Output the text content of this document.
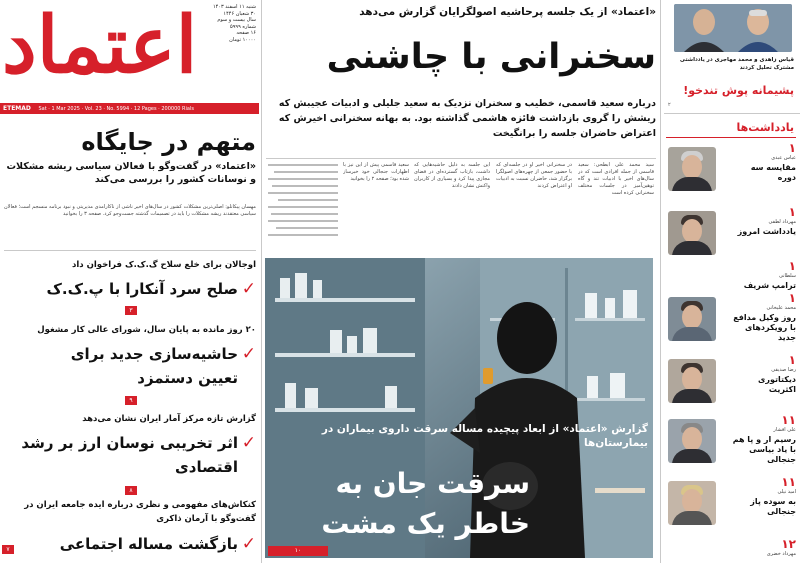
اعتماد	شنبه ۱۱ اسفند ۱۴۰۳
۳۰ شعبان ۱۴۴۶
سال بیست و سوم
شماره ۵۹۹۹
۱۶ صفحه
۱۰۰۰۰ تومان
ETEMAD Sat · 1 Mar 2025 · Vol. 23 · No. 5994 · 12 Pages · 200000 Rials
«اعتماد» از یک جلسه پرحاشیه اصولگرایان گزارش می‌دهد
سخنرانی با چاشنی
درباره سعید قاسمی، خطیب و سخنران نزدیک به سعید جلیلی و ادبیات عجیبش که ریشش را گروی بازداشت فائزه هاشمی گذاشته بود. به بهانه سخنرانی اخیرش که اعتراض حاضران جلسه را برانگیخت
سید محمد علی ابطحی: سعید قاسمی از جمله افرادی است که در سال‌های اخیر با ادبیات تند و گاه توهین‌آمیز در جلسات مختلف سخنرانی کرده است
در سخنرانی اخیر او در جلسه‌ای که با حضور جمعی از چهره‌های اصولگرا برگزار شد، حاضران نسبت به ادبیات او اعتراض کردند
این جلسه به دلیل حاشیه‌هایی که داشت، بازتاب گسترده‌ای در فضای مجازی پیدا کرد و بسیاری از کاربران واکنش نشان دادند
سعید قاسمی پیش از این نیز با اظهارات جنجالی خود خبرساز شده بود؛ صفحه ۲ را بخوانید
گزارش «اعتماد» از ابعاد پیچیده مساله سرقت داروی بیماران در بیمارستان‌ها
سرقت جان به خاطر یک مشت
۱۰
متهم در جایگاه
«اعتماد» در گفت‌وگو با فعالان سیاسی ریشه مشکلات و نوسانات کشور را بررسی می‌کند
مهسان پیکانلو: اصلی‌ترین مشکلات کشور در سال‌های اخیر ناشی از ناکارآمدی مدیریتی و نبود برنامه منسجم است؛ فعالان سیاسی معتقدند ریشه مشکلات را باید در تصمیمات گذشته جست‌وجو کرد. صفحه ۳ را بخوانید
اوجالان برای خلع سلاح گ.ک.ک فراخوان داد
✓
صلح سرد آنکارا با پ.ک.ک
۳
۲۰ روز مانده به پایان سال، شورای عالی کار مشغول
✓
حاشیه‌سازی جدید برای تعیین دستمزد
۹
گزارش تازه مرکز آمار ایران نشان می‌دهد
✓
اثر تخریبی نوسان ارز بر رشد اقتصادی
۸
کنکاش‌های مفهومی و نظری درباره ایده جامعه ایران در گفت‌وگو با آرمان ذاکری
✓
بازگشت مساله اجتماعی
۷
قیاس زاهدی و محمد مهاجری در یادداشتی مشترک تحلیل کردند
پشیمانه پوش تندخو!
۲
یادداشت‌ها
۱
عباس عبدی
مقایسه سه دوره
۱
مهرداد لطفی
یادداشت امروز
۱
سلطانی
ترامپ شریف
۱
محمد علیخانی
روز وکیل مدافع با رویکردهای جدید
۱
رضا صدیقی
دیکتاتوری اکثریت
۱۱
علی افشار
رسیم ار و پا هم با یاد بیاسی جنجالی
۱۱
امید نیلی
به سوده پاز جنجالی
۱۲
مهرداد خضری
